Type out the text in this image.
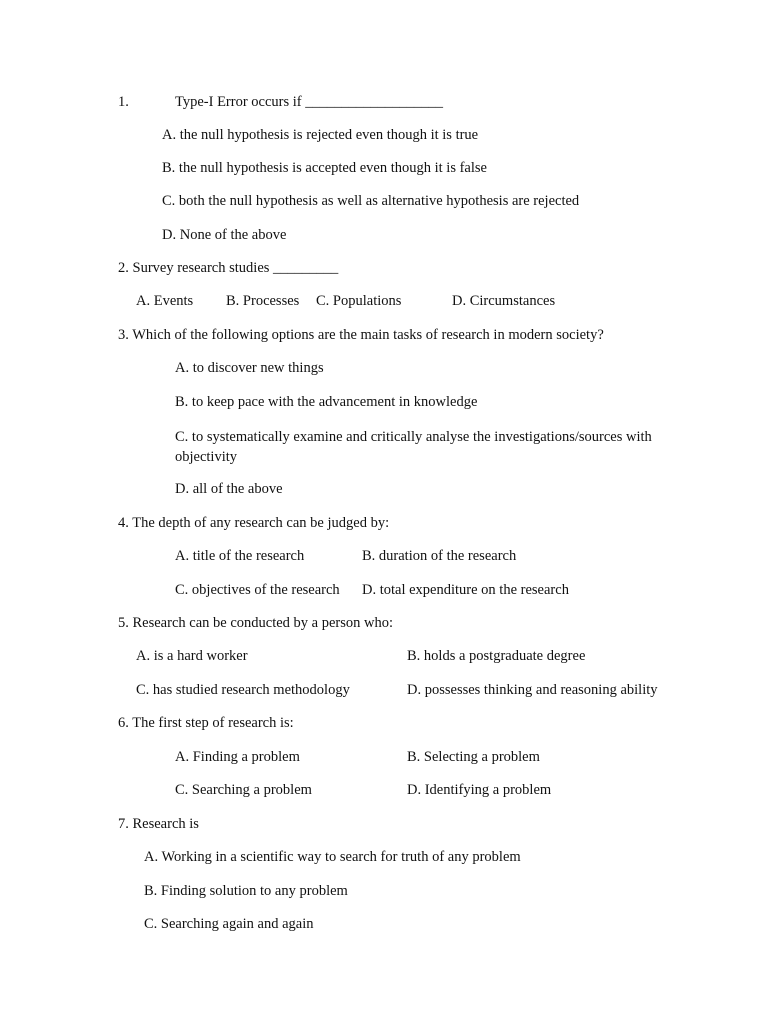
1.	Type-I Error occurs if ___________________
A. the null hypothesis is rejected even though it is true
B. the null hypothesis is accepted even though it is false
C. both the null hypothesis as well as alternative hypothesis are rejected
D. None of the above
2. Survey research studies _________
A. Events B. Processes C. Populations	D. Circumstances
3. Which of the following options are the main tasks of research in modern society?
A. to discover new things
B. to keep pace with the advancement in knowledge
C. to systematically examine and critically analyse the investigations/sources with objectivity
D. all of the above
4. The depth of any research can be judged by:
A. title of the research	B. duration of the research
C. objectives of the research D. total expenditure on the research
5. Research can be conducted by a person who:
A. is a hard worker	B. holds a postgraduate degree
C. has studied research methodology	D. possesses thinking and reasoning ability
6. The first step of research is:
A. Finding a problem	B. Selecting a problem
C. Searching a problem	D. Identifying a problem
7. Research is
A. Working in a scientific way to search for truth of any problem
B. Finding solution to any problem
C. Searching again and again
